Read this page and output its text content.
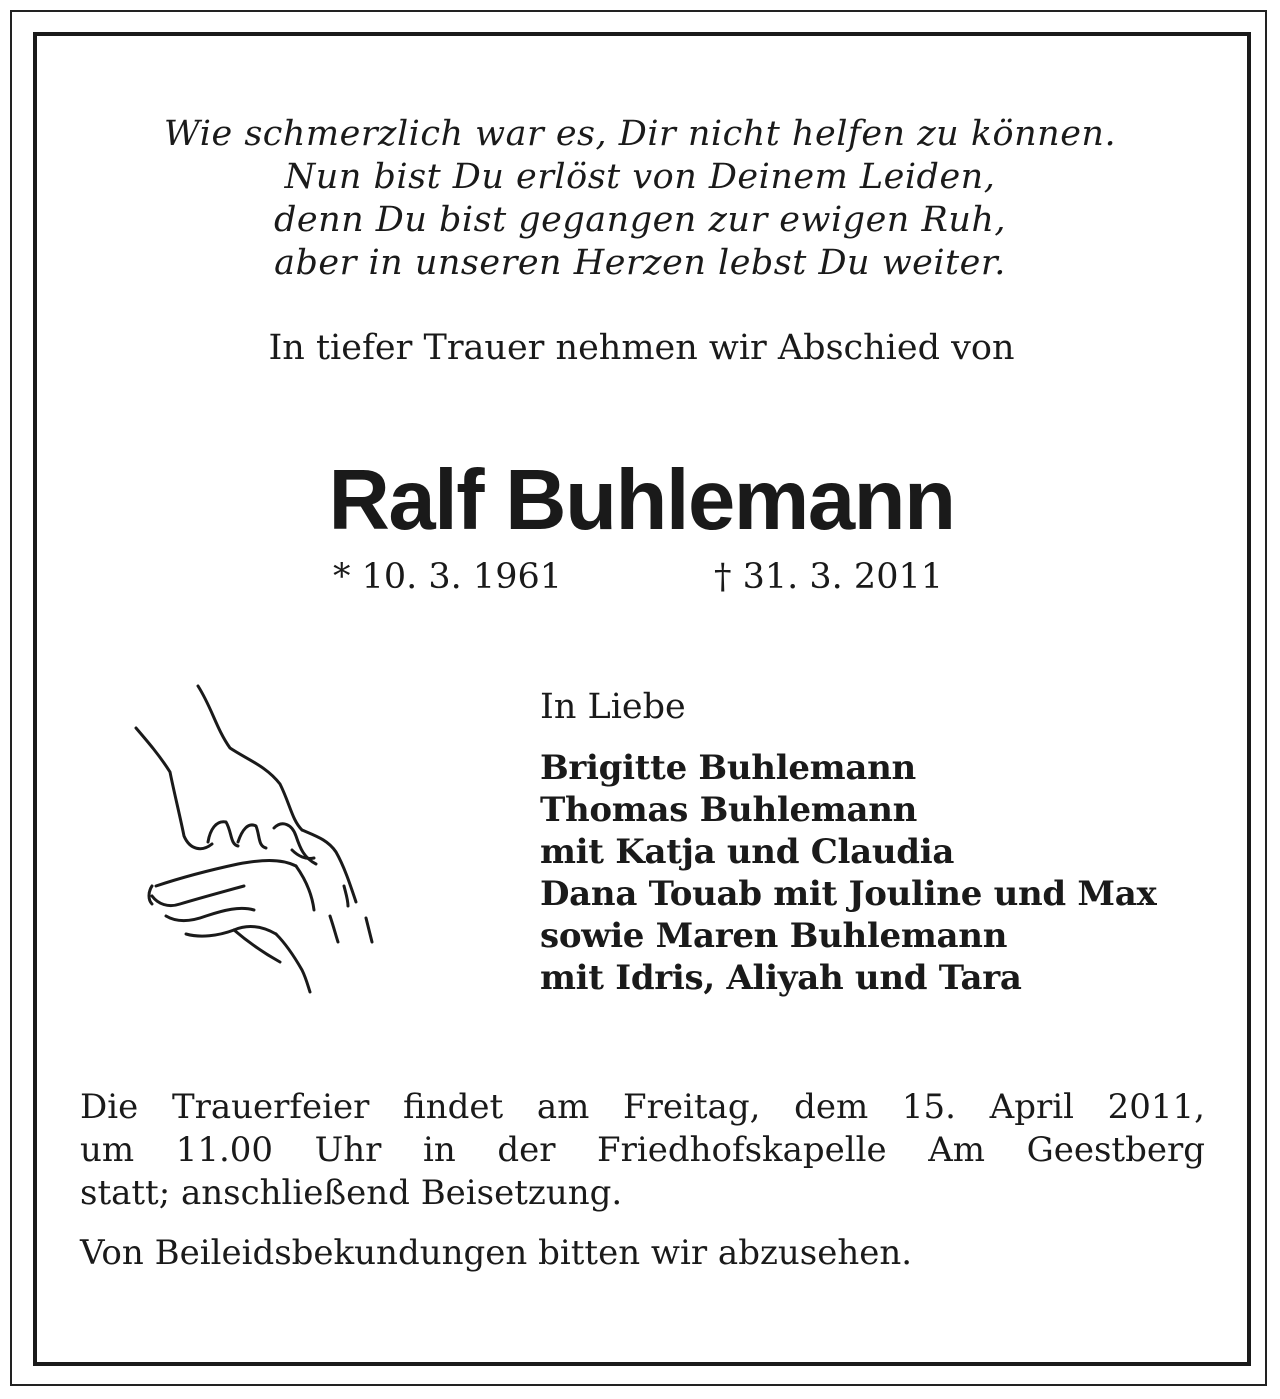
Wie schmerzlich war es, Dir nicht helfen zu können.
Nun bist Du erlöst von Deinem Leiden,
denn Du bist gegangen zur ewigen Ruh,
aber in unseren Herzen lebst Du weiter.
In tiefer Trauer nehmen wir Abschied von
Ralf Buhlemann
* 10. 3. 1961	† 31. 3. 2011
In Liebe
Brigitte Buhlemann
Thomas Buhlemann
mit Katja und Claudia
Dana Touab mit Jouline und Max
sowie Maren Buhlemann
mit Idris, Aliyah und Tara
Die Trauerfeier findet am Freitag, dem 15. April 2011,
um 11.00 Uhr in der Friedhofskapelle Am Geestberg
statt; anschließend Beisetzung.
Von Beileidsbekundungen bitten wir abzusehen.
